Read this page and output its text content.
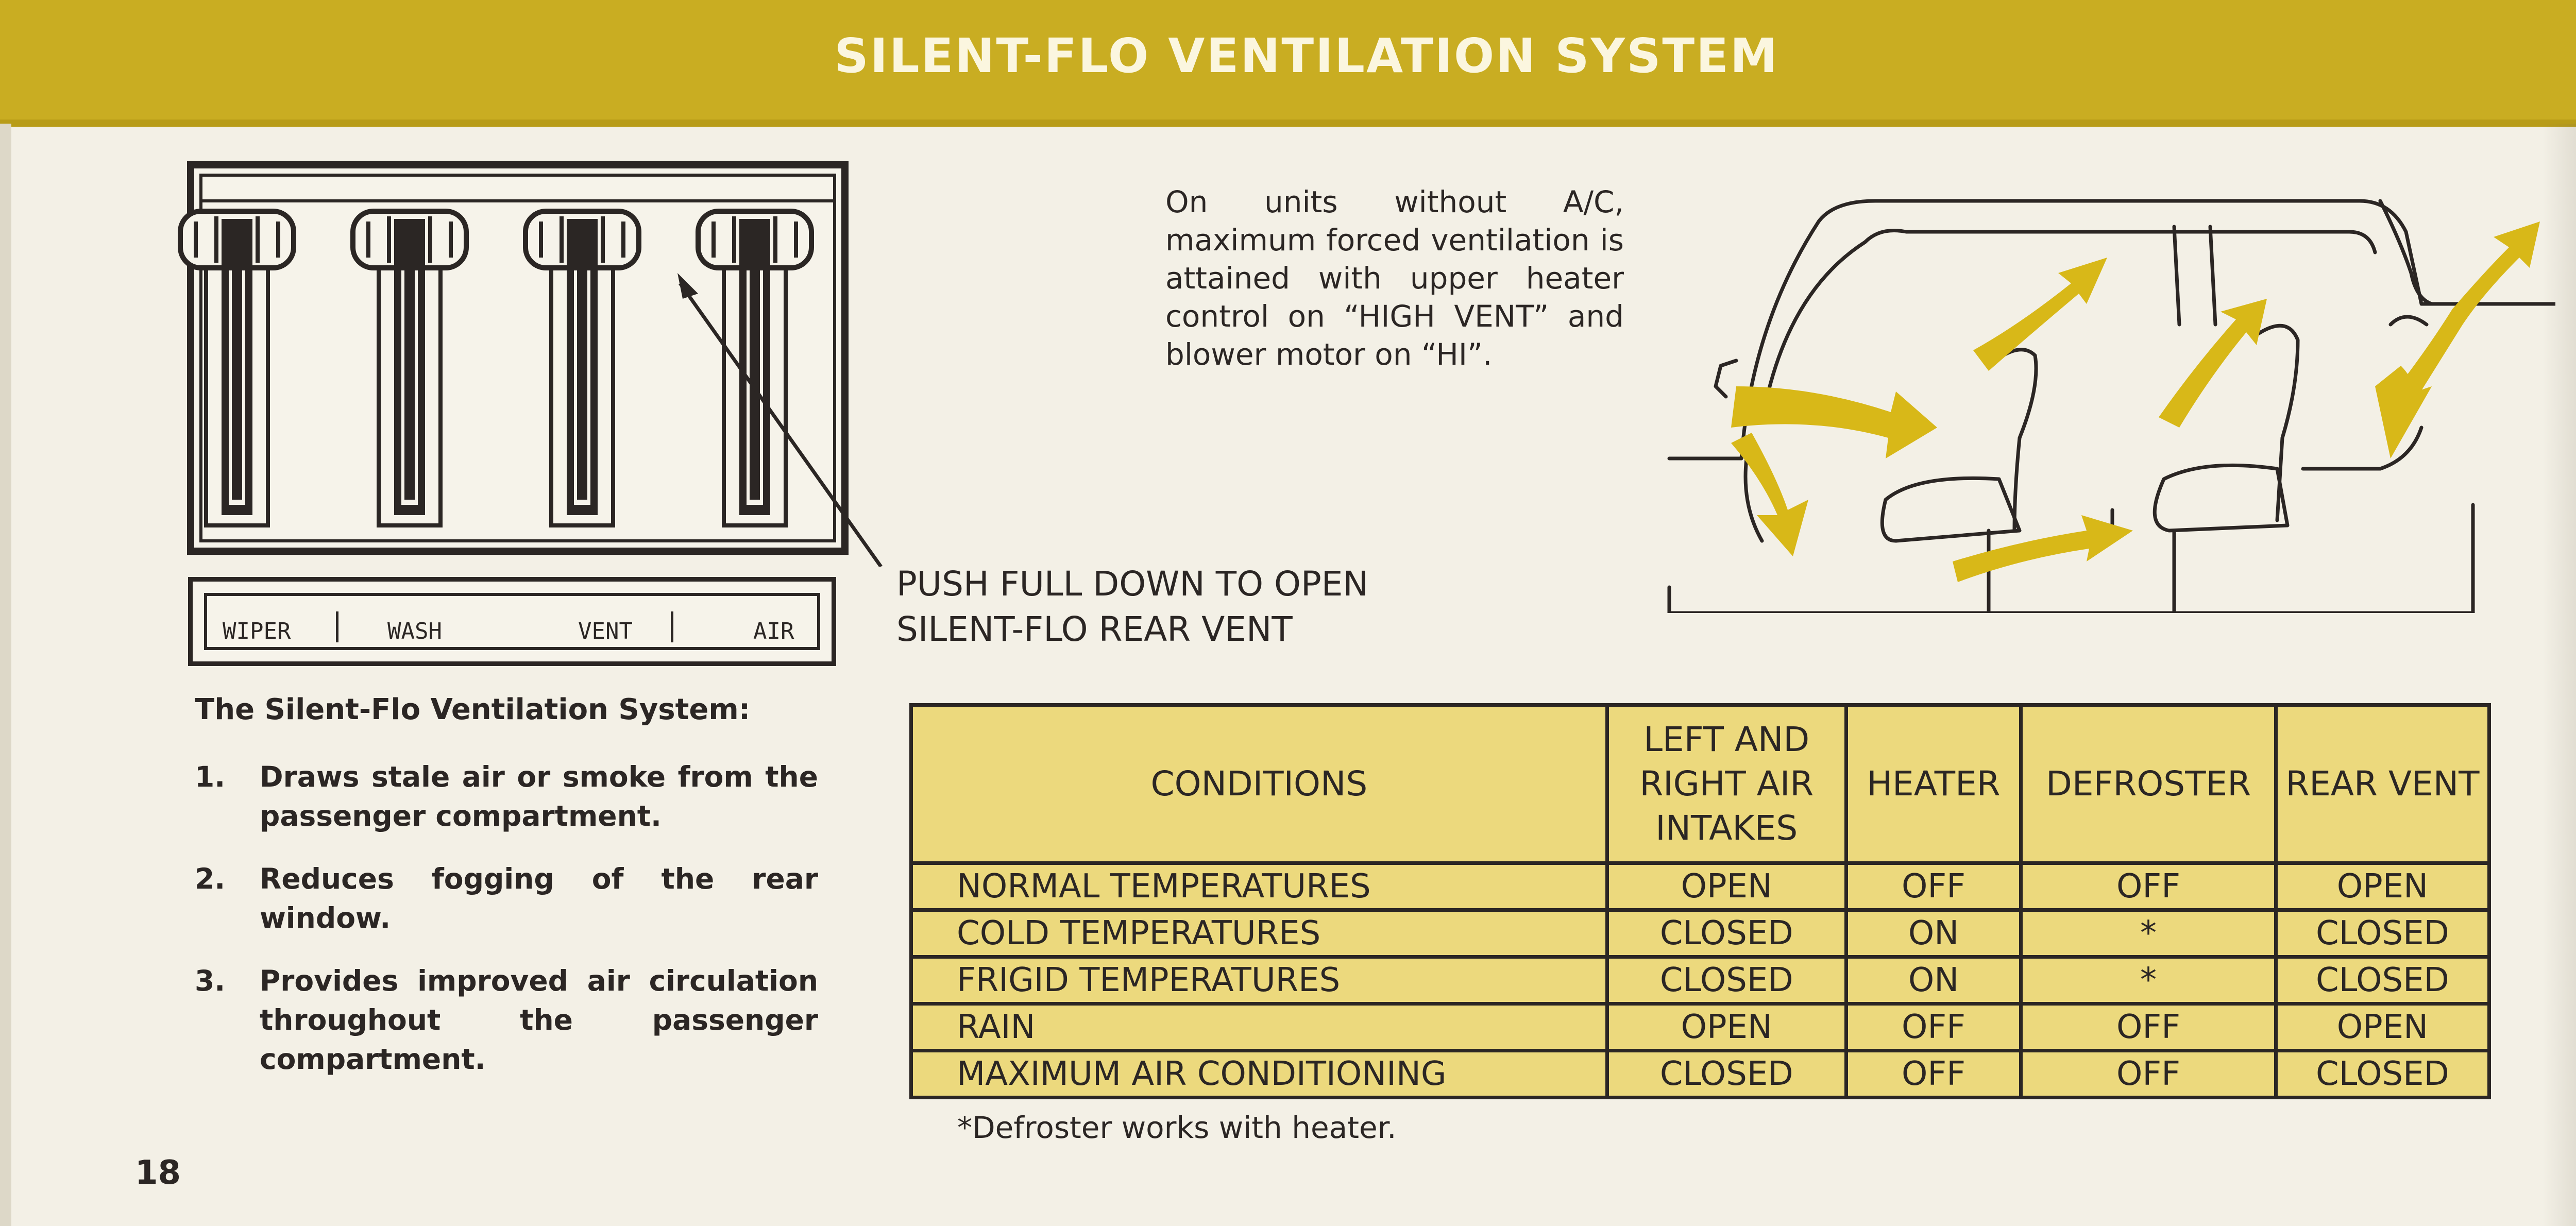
SILENT-FLO VENTILATION SYSTEM
WIPER	WASH	VENT	AIR
PUSH FULL DOWN TO OPEN
SILENT-FLO REAR VENT
The Silent-Flo Ventilation System:
1. Draws stale air or smoke from the passenger compartment.
2. Reduces fogging of the rear window.
3. Provides improved air circulation throughout the passenger compartment.
On units without A/C, maximum forced ventilation is attained with upper heater control on “HIGH VENT” and blower motor on “HI”.
CONDITIONS	LEFT AND RIGHT AIR INTAKES	HEATER	DEFROSTER	REAR VENT
NORMAL TEMPERATURES	OPEN	OFF	OFF	OPEN
COLD TEMPERATURES	CLOSED	ON	*	CLOSED
FRIGID TEMPERATURES	CLOSED	ON	*	CLOSED
RAIN	OPEN	OFF	OFF	OPEN
MAXIMUM AIR CONDITIONING	CLOSED	OFF	OFF	CLOSED
*Defroster works with heater.
18
